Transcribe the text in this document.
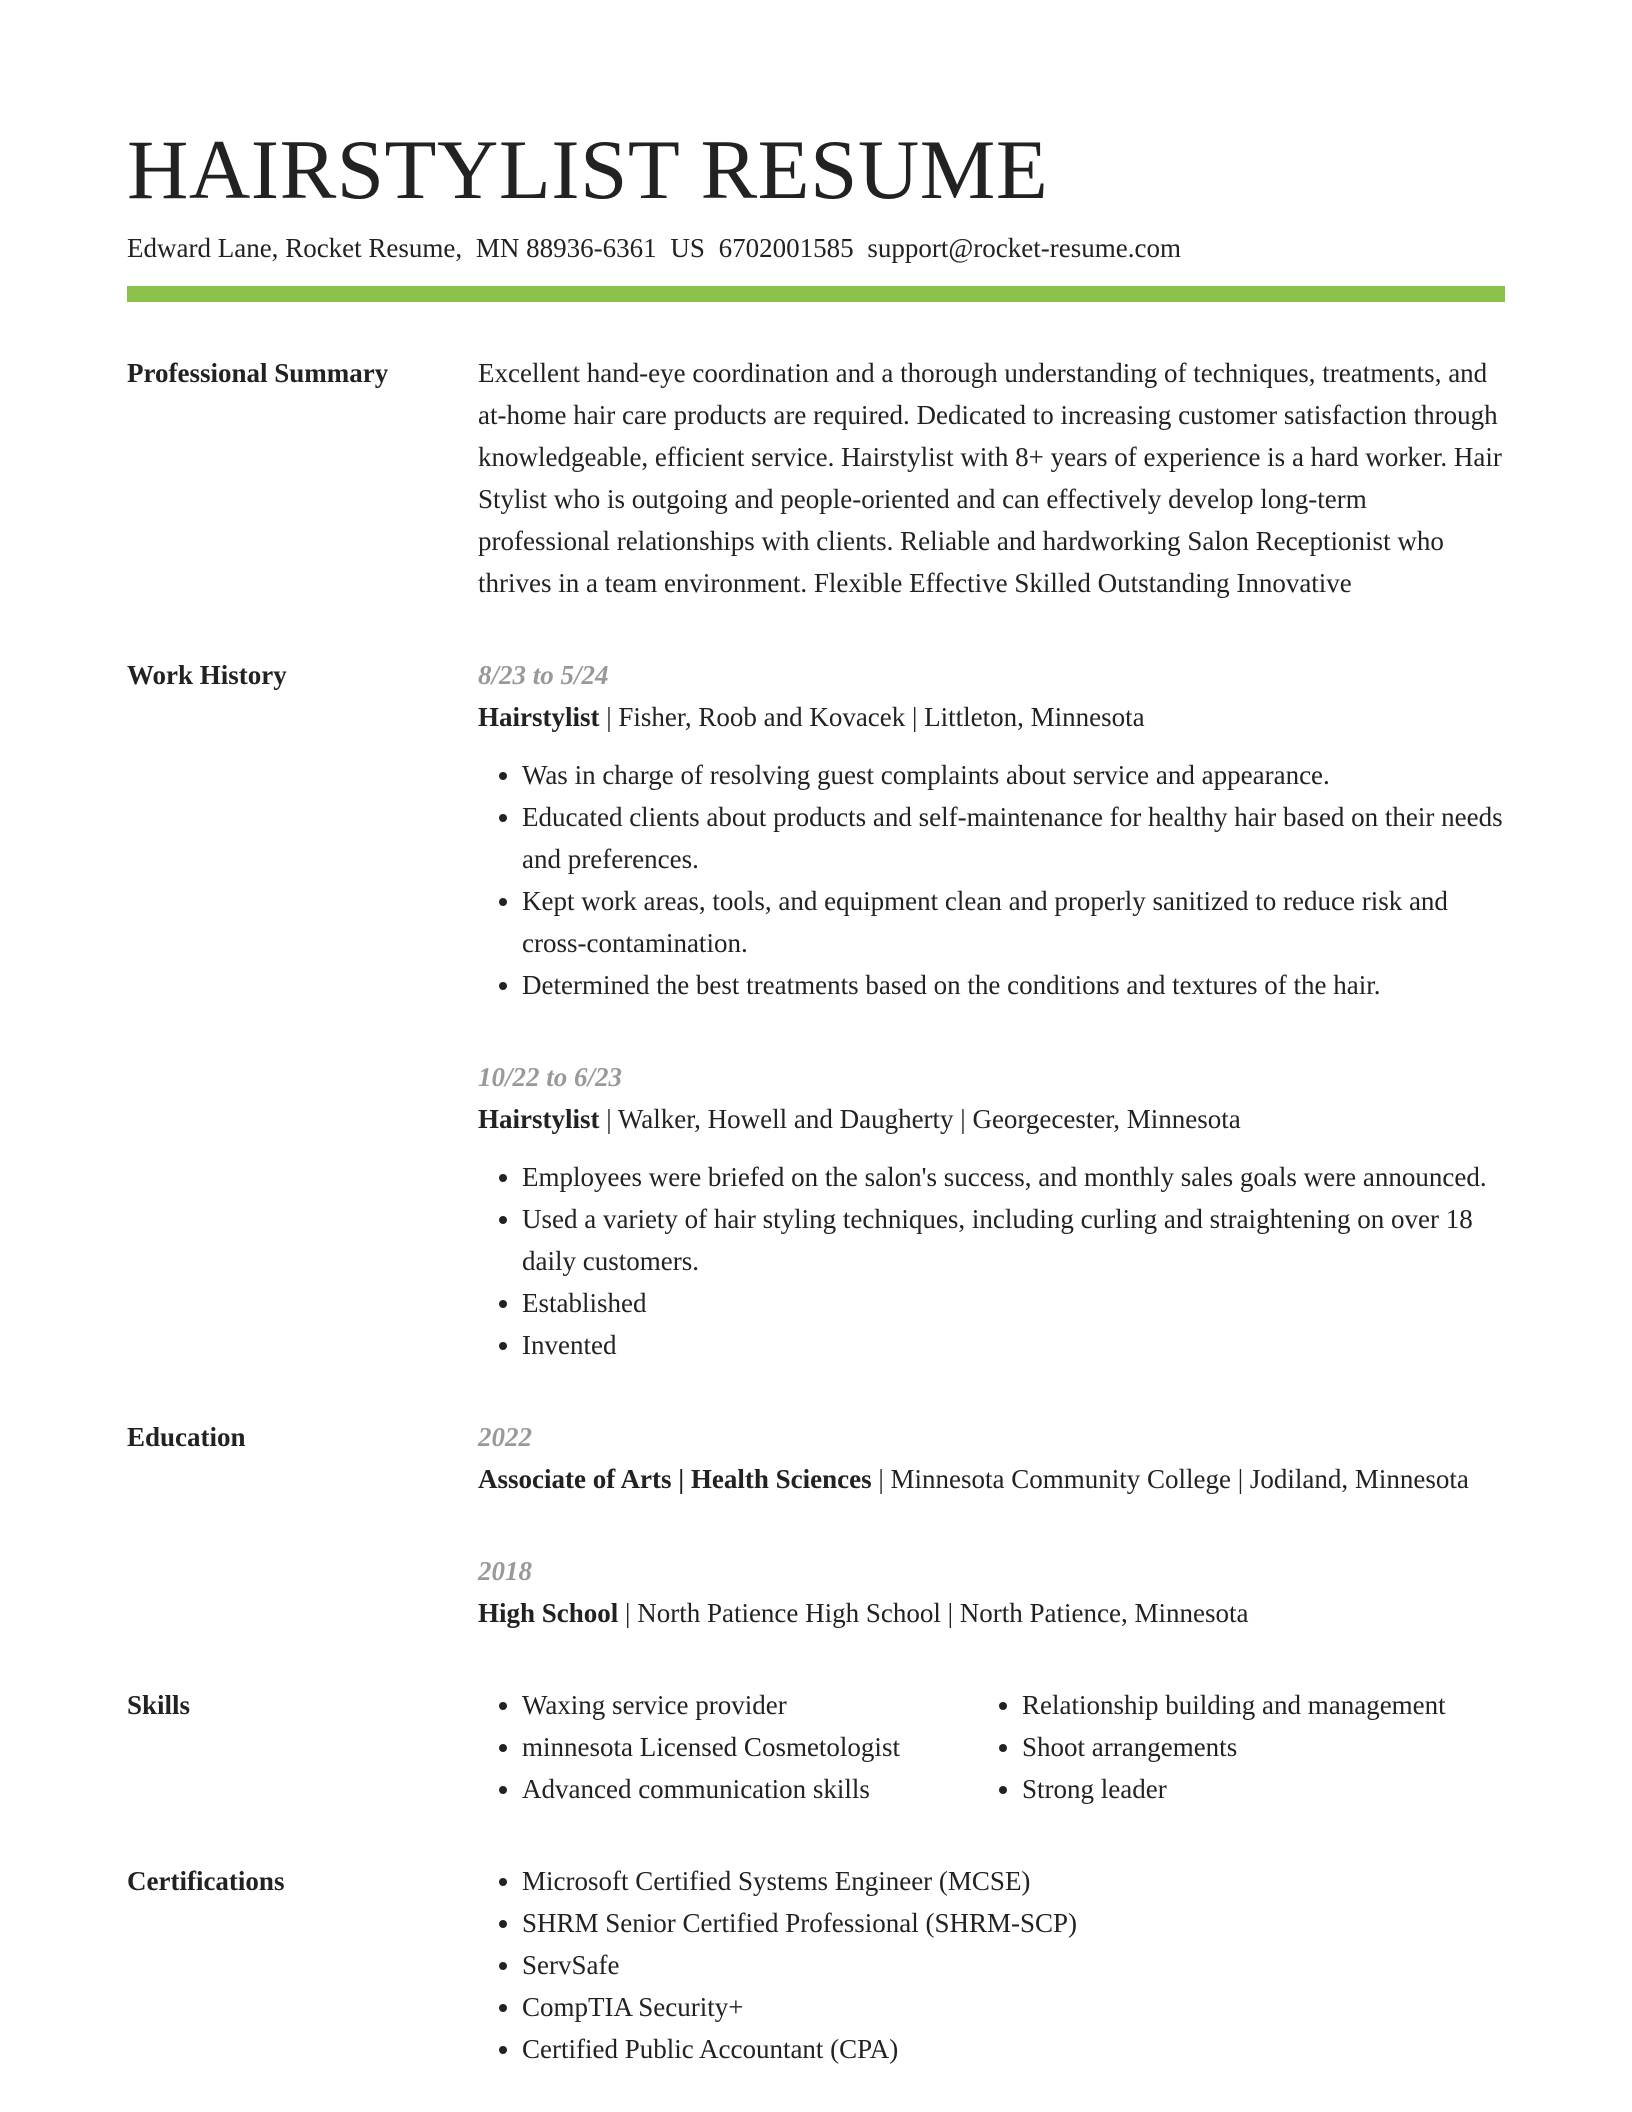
HAIRSTYLIST RESUME
Edward Lane, Rocket Resume, MN 88936-6361 US 6702001585 support@rocket-resume.com
Professional Summary	Excellent hand-eye coordination and a thorough understanding of techniques, treatments, and at-home hair care products are required. Dedicated to increasing customer satisfaction through knowledgeable, efficient service. Hairstylist with 8+ years of experience is a hard worker. Hair Stylist who is outgoing and people-oriented and can effectively develop long-term professional relationships with clients. Reliable and hardworking Salon Receptionist who thrives in a team environment. Flexible Effective Skilled Outstanding Innovative

Work History	8/23 to 5/24
Hairstylist | Fisher, Roob and Kovacek | Littleton, Minnesota
• Was in charge of resolving guest complaints about service and appearance.
• Educated clients about products and self-maintenance for healthy hair based on their needs and preferences.
• Kept work areas, tools, and equipment clean and properly sanitized to reduce risk and cross-contamination.
• Determined the best treatments based on the conditions and textures of the hair.
10/22 to 6/23
Hairstylist | Walker, Howell and Daugherty | Georgecester, Minnesota
• Employees were briefed on the salon's success, and monthly sales goals were announced.
• Used a variety of hair styling techniques, including curling and straightening on over 18 daily customers.
• Established
• Invented
Education	2022
Associate of Arts | Health Sciences | Minnesota Community College | Jodiland, Minnesota
2018
High School | North Patience High School | North Patience, Minnesota
Skills	• Waxing service provider
• minnesota Licensed Cosmetologist
• Advanced communication skills
• Relationship building and management
• Shoot arrangements
• Strong leader
Certifications	• Microsoft Certified Systems Engineer (MCSE)
• SHRM Senior Certified Professional (SHRM-SCP)
• ServSafe
• CompTIA Security+
• Certified Public Accountant (CPA)
